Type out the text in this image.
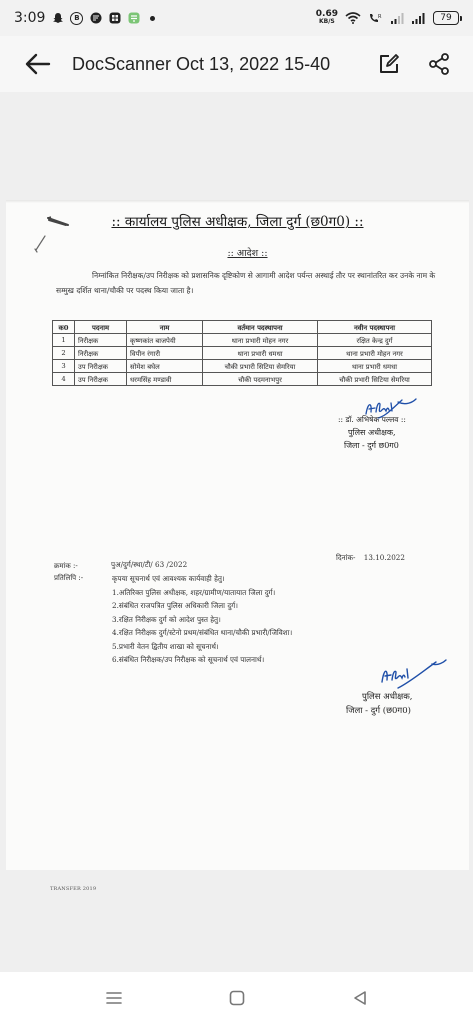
3:09	B	0.69
KB/S
R	79
DocScanner Oct 13, 2022 15-40
:: कार्यालय पुलिस अधीक्षक, जिला दुर्ग (छ0ग0) ::
:: आदेश ::
निम्नांकित निरीक्षक/उप निरीक्षक को प्रशासनिक दृष्टिकोण से आगामी आदेश पर्यन्त अस्थाई तौर पर स्थानांतरित कर उनके नाम के सम्मुख दर्शित थाना/चौकी पर पदस्थ किया जाता है।
क0	पदनाम	नाम	वर्तमान पदस्थापना	नवीन पदस्थापना
1	निरीक्षक	कृष्णकांत बाजपेयी	थाना प्रभारी मोहन नगर	रक्षित केन्द्र दुर्ग
2	निरीक्षक	विपीन रंगारी	थाना प्रभारी धमधा	थाना प्रभारी मोहन नगर
3	उप निरीक्षक	सोमेश बघेल	चौकी प्रभारी सिटिया सेमरिया	थाना प्रभारी धमधा
4	उप निरीक्षक	धरमसिंह मण्डावी	चौकी पदमनाभपुर	चौकी प्रभारी सिटिया सेमरिया
:: डॉ. अभिषेक पल्लव ::
पुलिस अधीक्षक,
जिला - दुर्ग छ0ग0
दिनांक- 13.10.2022
क्रमांक :-
प्रतिलिपि :-
पुअ/दुर्ग/स्था/टी/ 63 /2022
कृपया सूचनार्थ एवं आवश्यक कार्यवाही हेतु।
1.अतिरिक्त पुलिस अधीक्षक, शहर/ग्रामीण/यातायात जिला दुर्ग।
2.संबंधित राजपत्रित पुलिस अधिकारी जिला दुर्ग।
3.रक्षित निरीक्षक दुर्ग को आदेश पुस्त हेतु।
4.रक्षित निरीक्षक दुर्ग/स्टेनो प्रथम/संबंधित थाना/चौकी प्रभारी/जिविशा।
5.प्रभारी वेतन द्वितीय शाखा को सूचनार्थ।
6.संबंधित निरीक्षक/उप निरीक्षक को सूचनार्थ एवं पालनार्थ।
पुलिस अधीक्षक,
जिला - दुर्ग (छ0ग0)
TRANSFER 2019
